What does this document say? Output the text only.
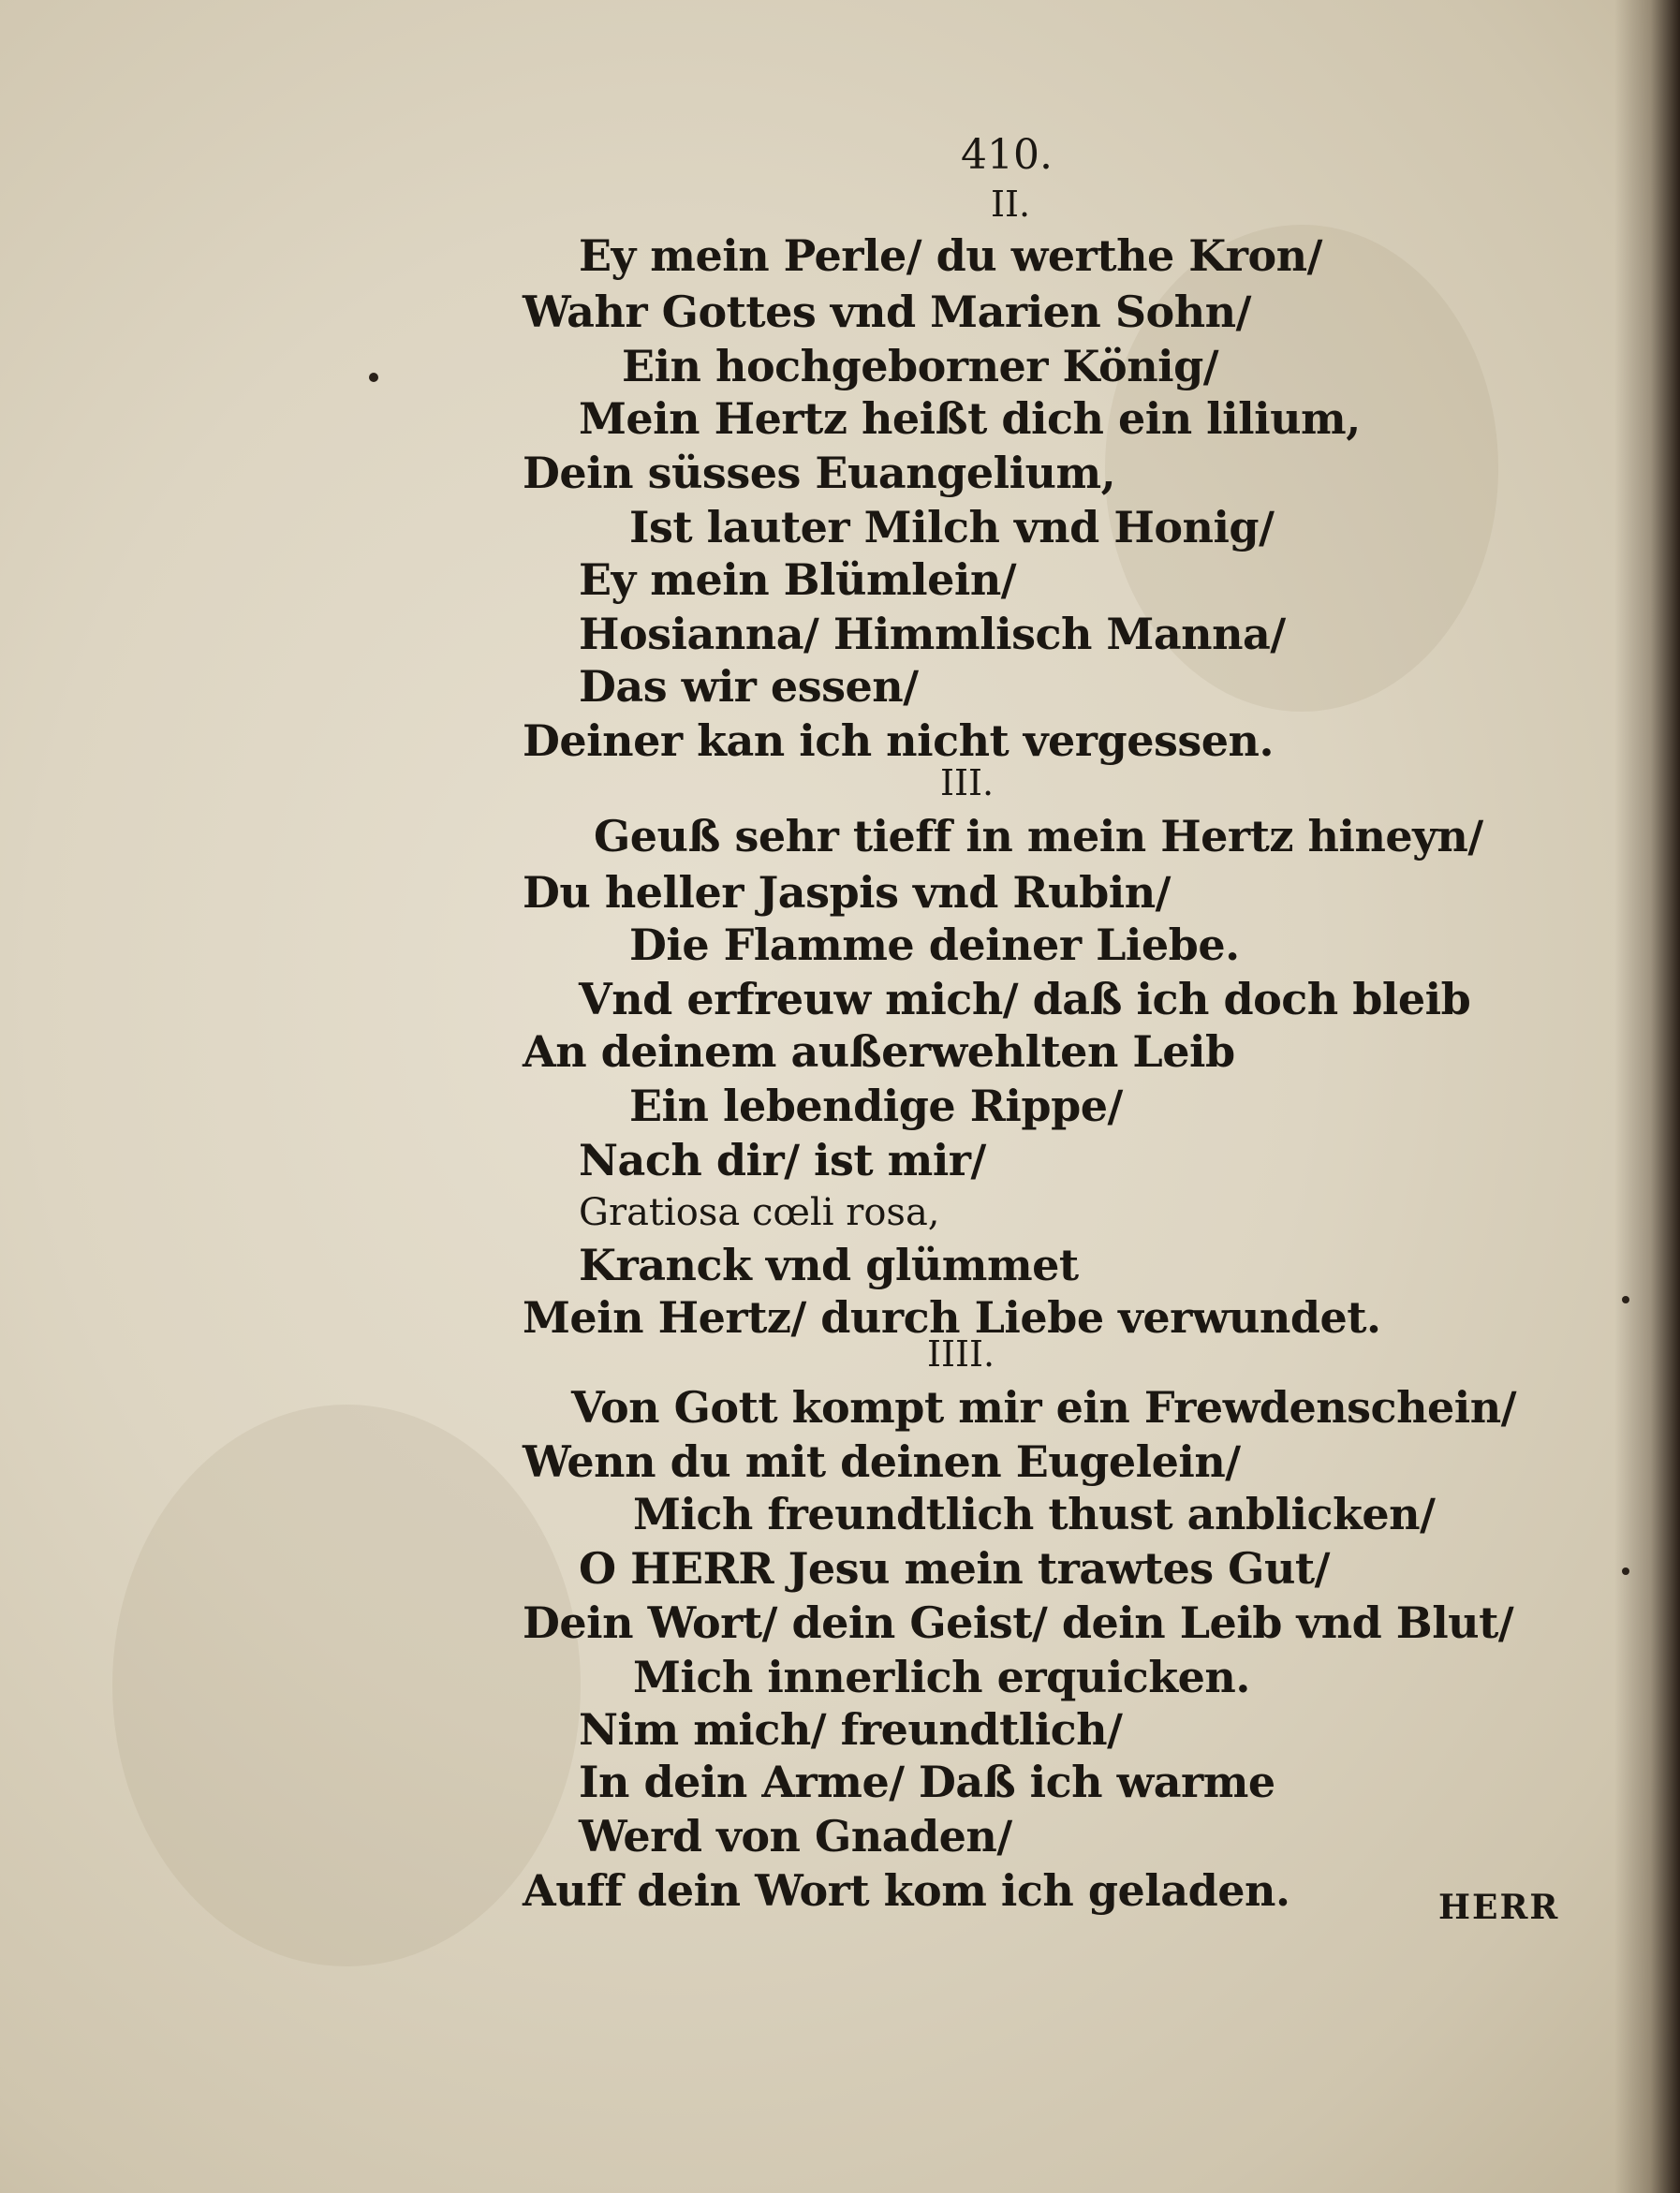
410.
II.
Ey mein Perle/ du werthe Kron/
Wahr Gottes vnd Marien Sohn/
Ein hochgeborner König/
Mein Hertz heißt dich ein lilium,
Dein süsses Euangelium,
Ist lauter Milch vnd Honig/
Ey mein Blümlein/
Hosianna/ Himmlisch Manna/
Das wir essen/
Deiner kan ich nicht vergessen.
III.
Geuß sehr tieff in mein Hertz hineyn/
Du heller Jaspis vnd Rubin/
Die Flamme deiner Liebe.
Vnd erfreuw mich/ daß ich doch bleib
An deinem außerwehlten Leib
Ein lebendige Rippe/
Nach dir/ ist mir/
Gratiosa cœli rosa,
Kranck vnd glümmet
Mein Hertz/ durch Liebe verwundet.
IIII.
Von Gott kompt mir ein Frewdenschein/
Wenn du mit deinen Eugelein/
Mich freundtlich thust anblicken/
O HERR Jesu mein trawtes Gut/
Dein Wort/ dein Geist/ dein Leib vnd Blut/
Mich innerlich erquicken.
Nim mich/ freundtlich/
In dein Arme/ Daß ich warme
Werd von Gnaden/
Auff dein Wort kom ich geladen.	HERR
